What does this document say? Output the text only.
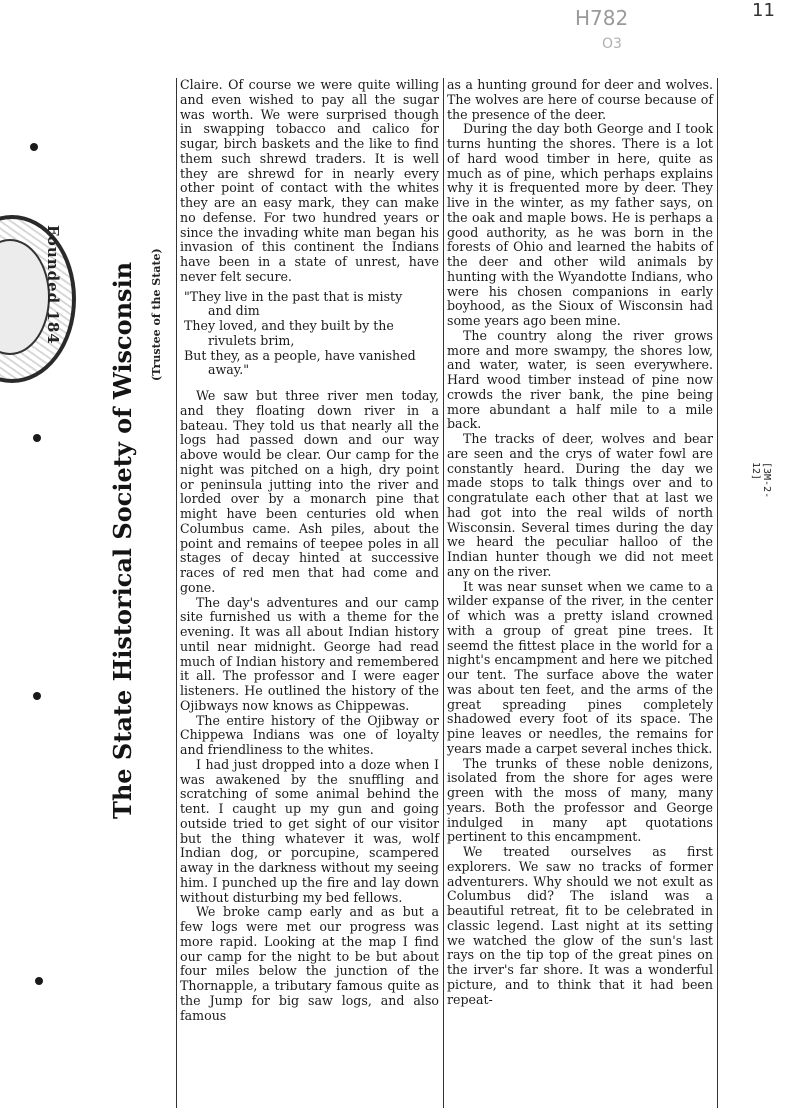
Founded 184 The State Historical Society of Wisconsin	(Trustee of the State)
H782
O3
11
[3M-2-12]

Claire. Of course we were quite willing and even wished to pay all the sugar was worth. We were surprised though in swapping tobacco and calico for sugar, birch baskets and the like to find them such shrewd traders. It is well they are shrewd for in nearly every other point of contact with the whites they are an easy mark, they can make no defense. For two hundred years or since the invading white man began his invasion of this continent the Indians have been in a state of unrest, have never felt secure.

"They live in the past that is misty
and dim
They loved, and they built by the
rivulets brim,
But they, as a people, have vanished
away."

We saw but three river men today, and they floating down river in a bateau. They told us that nearly all the logs had passed down and our way above would be clear. Our camp for the night was pitched on a high, dry point or peninsula jutting into the river and lorded over by a monarch pine that might have been centuries old when Columbus came. Ash piles, about the point and remains of teepee poles in all stages of decay hinted at successive races of red men that had come and gone.

The day's adventures and our camp site furnished us with a theme for the evening. It was all about Indian history until near midnight. George had read much of Indian history and remembered it all. The professor and I were eager listeners. He outlined the history of the Ojibways now knows as Chippewas.

The entire history of the Ojibway or Chippewa Indians was one of loyalty and friendliness to the whites.

I had just dropped into a doze when I was awakened by the snuffling and scratching of some animal behind the tent. I caught up my gun and going outside tried to get sight of our visitor but the thing whatever it was, wolf Indian dog, or porcupine, scampered away in the darkness without my seeing him. I punched up the fire and lay down without disturbing my bed fellows.

We broke camp early and as but a few logs were met our progress was more rapid. Looking at the map I find our camp for the night to be but about four miles below the junction of the Thornapple, a tributary famous quite as the Jump for big saw logs, and also famous

as a hunting ground for deer and wolves. The wolves are here of course because of the presence of the deer.

During the day both George and I took turns hunting the shores. There is a lot of hard wood timber in here, quite as much as of pine, which perhaps explains why it is frequented more by deer. They live in the winter, as my father says, on the oak and maple bows. He is perhaps a good authority, as he was born in the forests of Ohio and learned the habits of the deer and other wild animals by hunting with the Wyandotte Indians, who were his chosen companions in early boyhood, as the Sioux of Wisconsin had some years ago been mine.

The country along the river grows more and more swampy, the shores low, and water, water, is seen everywhere. Hard wood timber instead of pine now crowds the river bank, the pine being more abundant a half mile to a mile back.

The tracks of deer, wolves and bear are seen and the crys of water fowl are constantly heard. During the day we made stops to talk things over and to congratulate each other that at last we had got into the real wilds of north Wisconsin. Several times during the day we heard the peculiar halloo of the Indian hunter though we did not meet any on the river.

It was near sunset when we came to a wilder expanse of the river, in the center of which was a pretty island crowned with a group of great pine trees. It seemd the fittest place in the world for a night's encampment and here we pitched our tent. The surface above the water was about ten feet, and the arms of the great spreading pines completely shadowed every foot of its space. The pine leaves or needles, the remains for years made a carpet several inches thick.

The trunks of these noble denizons, isolated from the shore for ages were green with the moss of many, many years. Both the professor and George indulged in many apt quotations pertinent to this encampment.

We treated ourselves as first explorers. We saw no tracks of former adventurers. Why should we not exult as Columbus did? The island was a beautiful retreat, fit to be celebrated in classic legend. Last night at its setting we watched the glow of the sun's last rays on the tip top of the great pines on the irver's far shore. It was a wonderful picture, and to think that it had been repeat-
